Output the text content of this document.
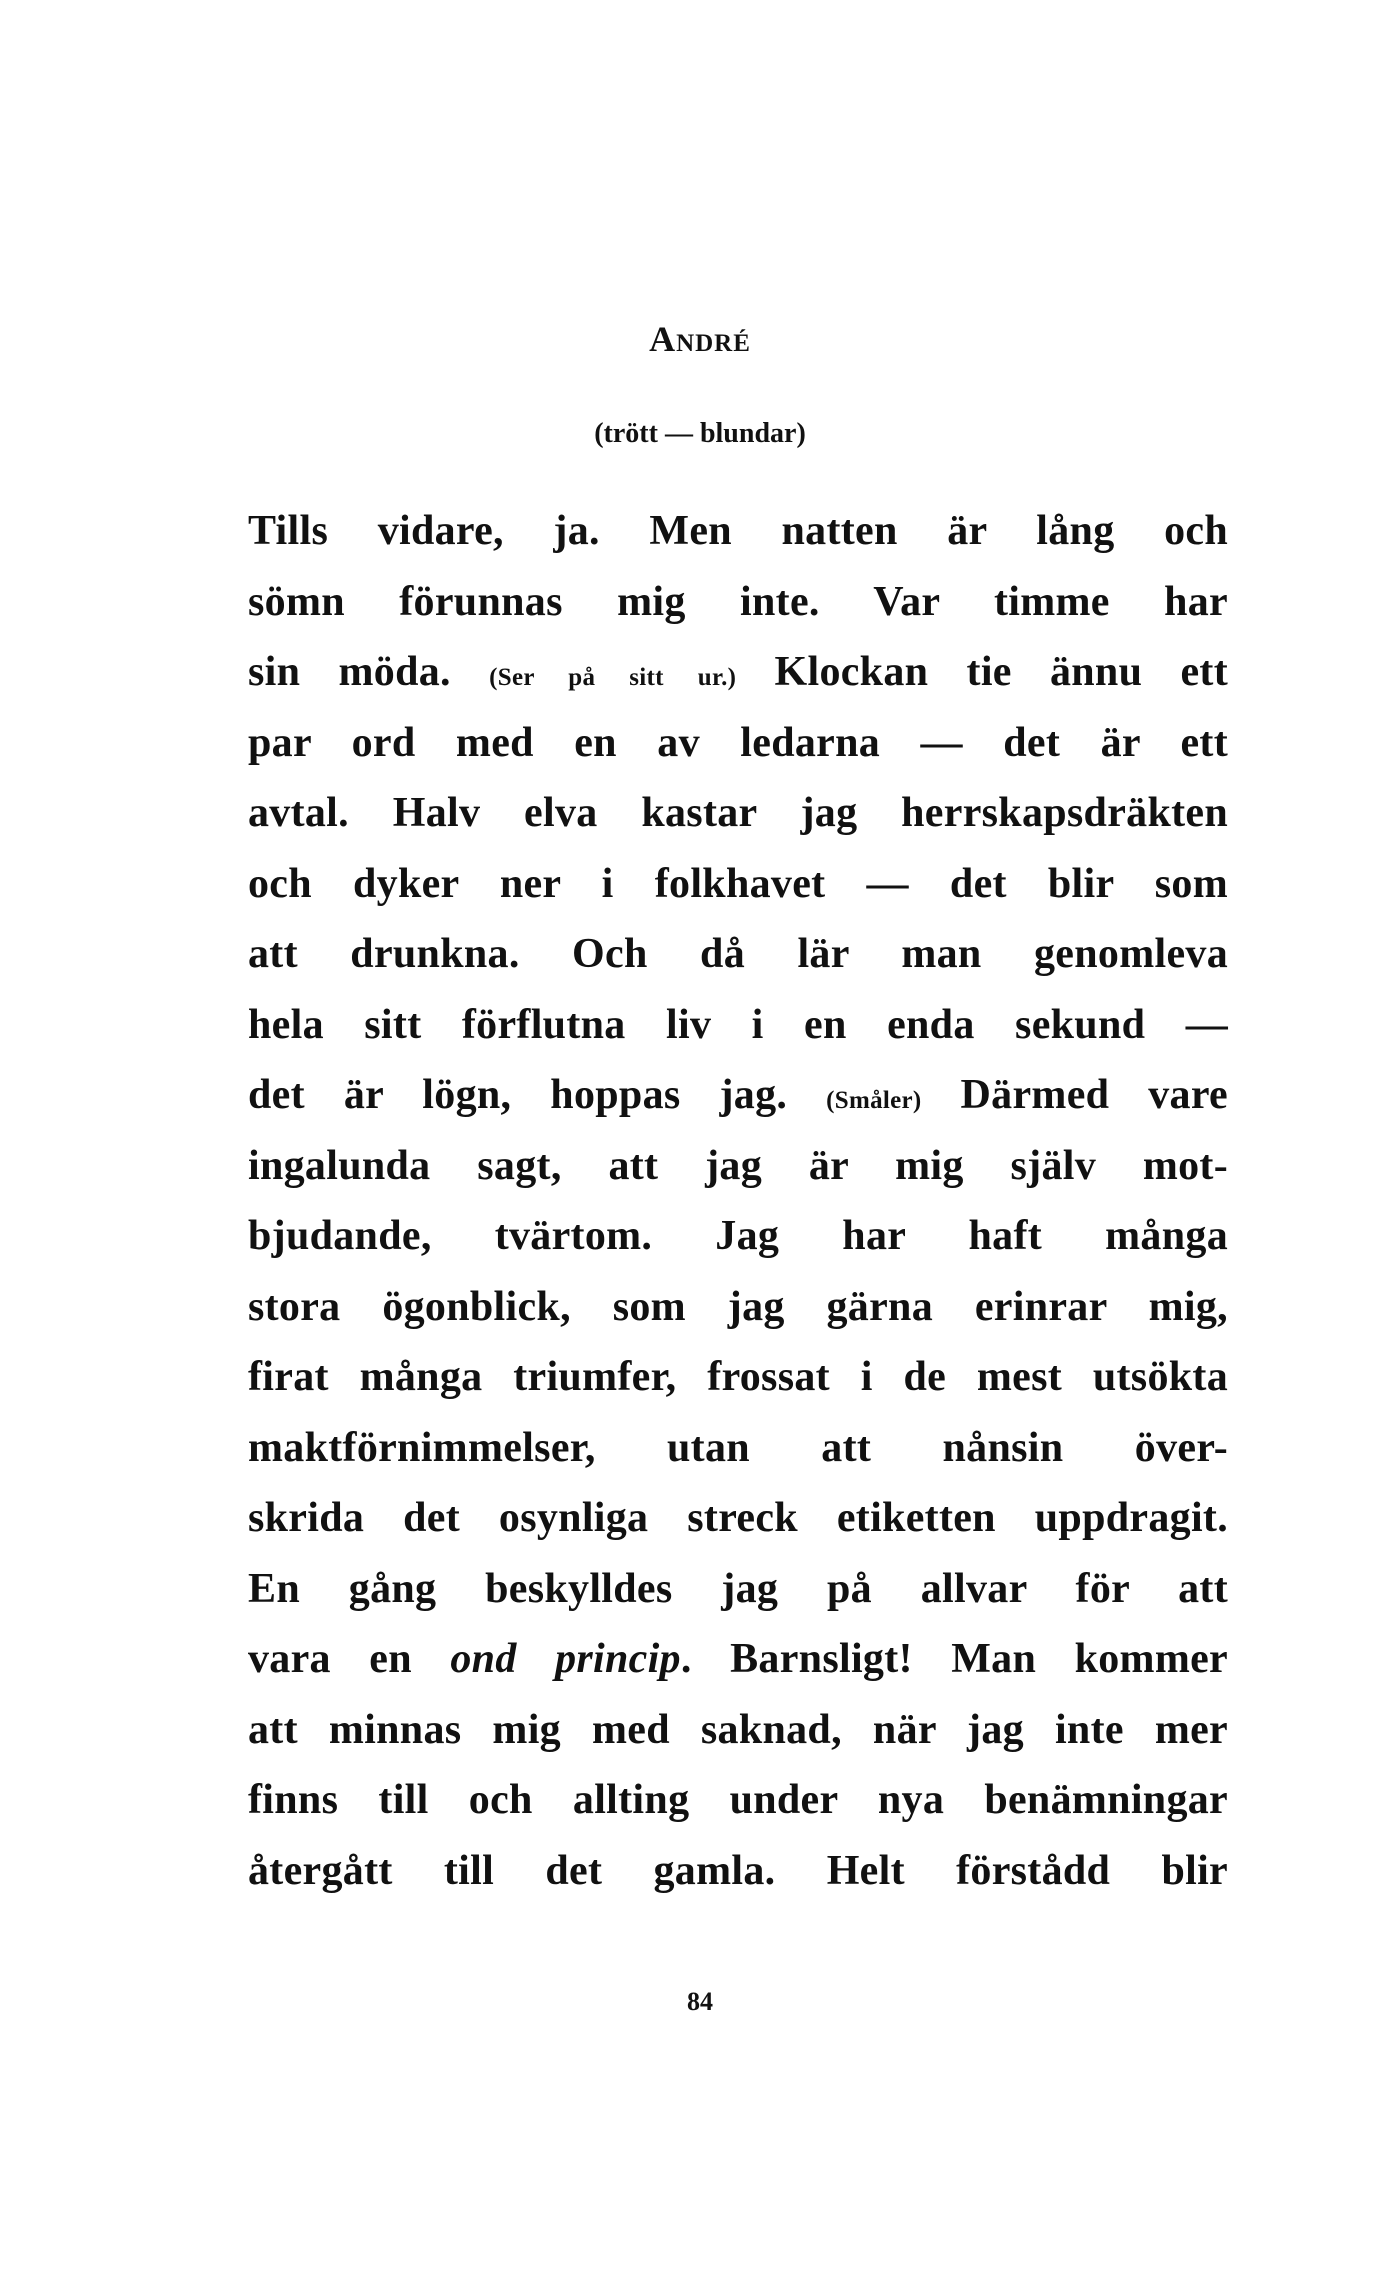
André
(trött — blundar)
Tills vidare, ja. Men natten är lång och
sömn förunnas mig inte. Var timme har
sin möda. (Ser på sitt ur.) Klockan tie ännu ett
par ord med en av ledarna — det är ett
avtal. Halv elva kastar jag herrskapsdräkten
och dyker ner i folkhavet — det blir som
att drunkna. Och då lär man genomleva
hela sitt förflutna liv i en enda sekund —
det är lögn, hoppas jag. (Småler) Därmed vare
ingalunda sagt, att jag är mig själv mot-
bjudande, tvärtom. Jag har haft många
stora ögonblick, som jag gärna erinrar mig,
firat många triumfer, frossat i de mest utsökta
maktförnimmelser, utan att nånsin över-
skrida det osynliga streck etiketten uppdragit.
En gång beskylldes jag på allvar för att
vara en ond princip. Barnsligt! Man kommer
att minnas mig med saknad, när jag inte mer
finns till och allting under nya benämningar
återgått till det gamla. Helt förstådd blir
84
